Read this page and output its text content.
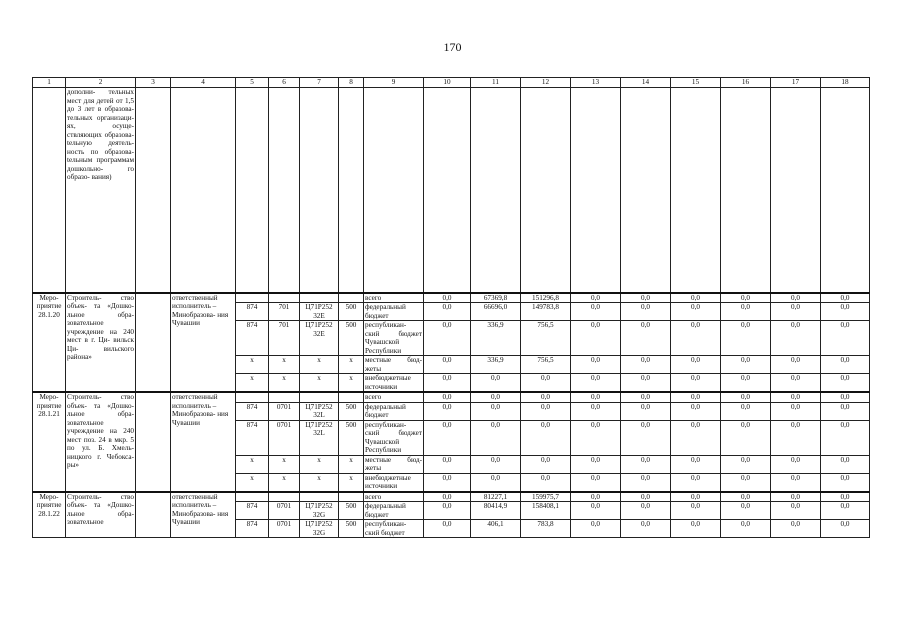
170
1	2	3	4	5	6	7	8	9	10	11	12	13	14	15	16	17	18
	дополни- тельных мест для детей от 1,5 до 3 лет в образова- тельных организаци- ях, осуще- ствляющих образова- tельную деятель- ность по образова- tельным программам дошкольно- го образо- вания)																
Меро- приятие 28.1.20	Строитель- ство объек- та «Дошко- льное обра- зовательное учреждение на 240 мест в г. Ци- вильск Ци- вильского района»		ответственный исполнитель – Минобразова- ния Чувашии					всего	0,0	67369,8	151296,8	0,0	0,0	0,0	0,0	0,0	0,0
				874	701	Ц71Р252 32Е	500	федеральный бюджет	0,0	66696,0	149783,8	0,0	0,0	0,0	0,0	0,0	0,0
				874	701	Ц71Р252 32Е	500	республикан- ский бюджет Чувашской Республики	0,0	336,9	756,5	0,0	0,0	0,0	0,0	0,0	0,0
				х	х	х	х	местные бюд- жеты	0,0	336,9	756,5	0,0	0,0	0,0	0,0	0,0	0,0
				х	х	х	х	внебюджетные источники	0,0	0,0	0,0	0,0	0,0	0,0	0,0	0,0	0,0
Меро- приятие 28.1.21	Строитель- ство объек- та «Дошко- льное обра- зовательное учреждение на 240 мест поз. 24 в мкр. 5 по ул. Б. Хмель- ницкого г. Чебокса- ры»		ответственный исполнитель – Минобразова- ния Чувашии					всего	0,0	0,0	0,0	0,0	0,0	0,0	0,0	0,0	0,0
				874	0701	Ц71Р252 32L	500	федеральный бюджет	0,0	0,0	0,0	0,0	0,0	0,0	0,0	0,0	0,0
				874	0701	Ц71Р252 32L	500	республикан- ский бюджет Чувашской Республики	0,0	0,0	0,0	0,0	0,0	0,0	0,0	0,0	0,0
				х	х	х	х	местные бюд- жеты	0,0	0,0	0,0	0,0	0,0	0,0	0,0	0,0	0,0
				х	х	х	х	внебюджетные источники	0,0	0,0	0,0	0,0	0,0	0,0	0,0	0,0	0,0
Меро- приятие 28.1.22	Строитель- ство объек- та «Дошко- льное обра- зовательное		ответственный исполнитель – Минобразова- ния Чувашии					всего	0,0	81227,1	159975,7	0,0	0,0	0,0	0,0	0,0	0,0
				874	0701	Ц71Р252 32G	500	федеральный бюджет	0,0	80414,9	158408,1	0,0	0,0	0,0	0,0	0,0	0,0
				874	0701	Ц71Р252 32G	500	республикан- ский бюджет	0,0	406,1	783,8	0,0	0,0	0,0	0,0	0,0	0,0
